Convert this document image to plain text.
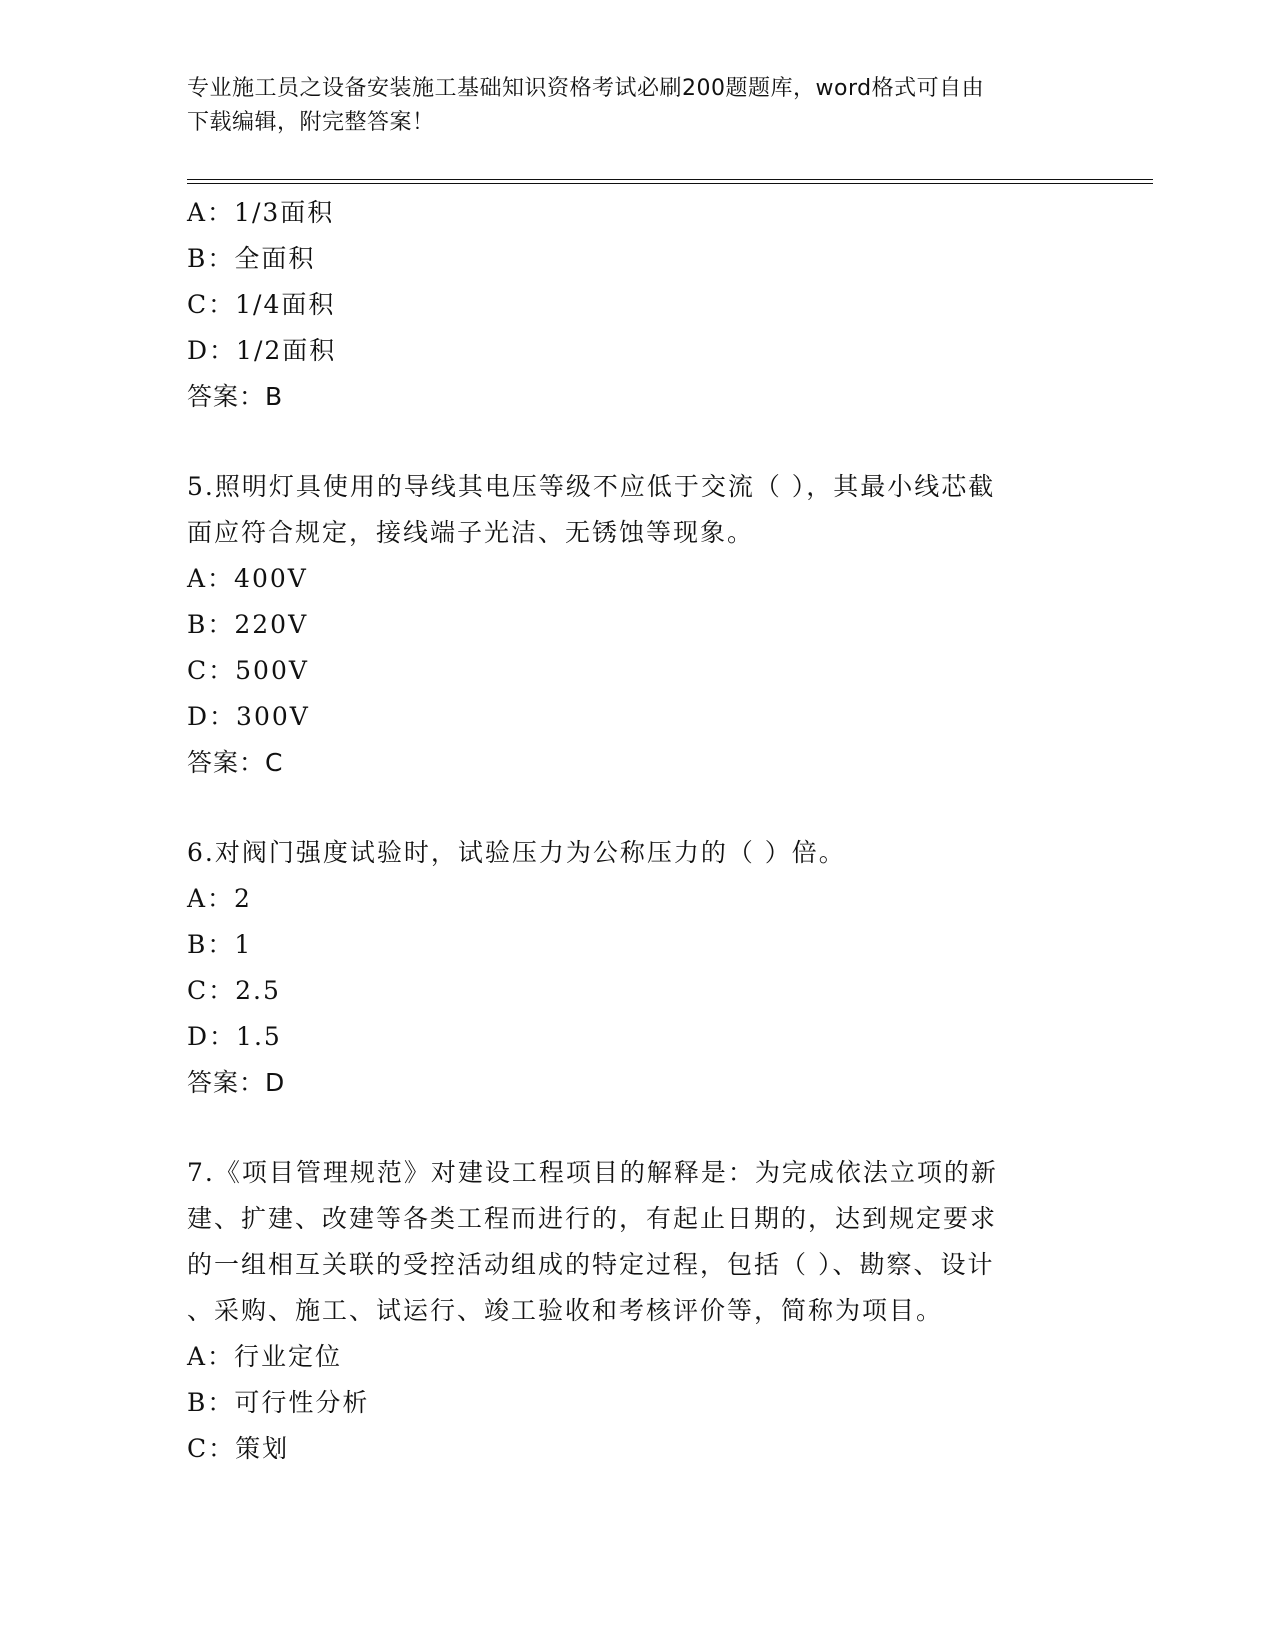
专业施工员之设备安装施工基础知识资格考试必刷200题题库，word格式可自由
下载编辑，附完整答案！
A：1/3面积
B：全面积
C：1/4面积
D：1/2面积
答案：B
5.照明灯具使用的导线其电压等级不应低于交流（ ），其最小线芯截
面应符合规定，接线端子光洁、无锈蚀等现象。
A：400V
B：220V
C：500V
D：300V
答案：C
6.对阀门强度试验时，试验压力为公称压力的（ ）倍。
A：2
B：1
C：2.5
D：1.5
答案：D
7.《项目管理规范》对建设工程项目的解释是：为完成依法立项的新
建、扩建、改建等各类工程而进行的，有起止日期的，达到规定要求
的一组相互关联的受控活动组成的特定过程，包括（ ）、勘察、设计
、采购、施工、试运行、竣工验收和考核评价等，简称为项目。
A：行业定位
B：可行性分析
C：策划
